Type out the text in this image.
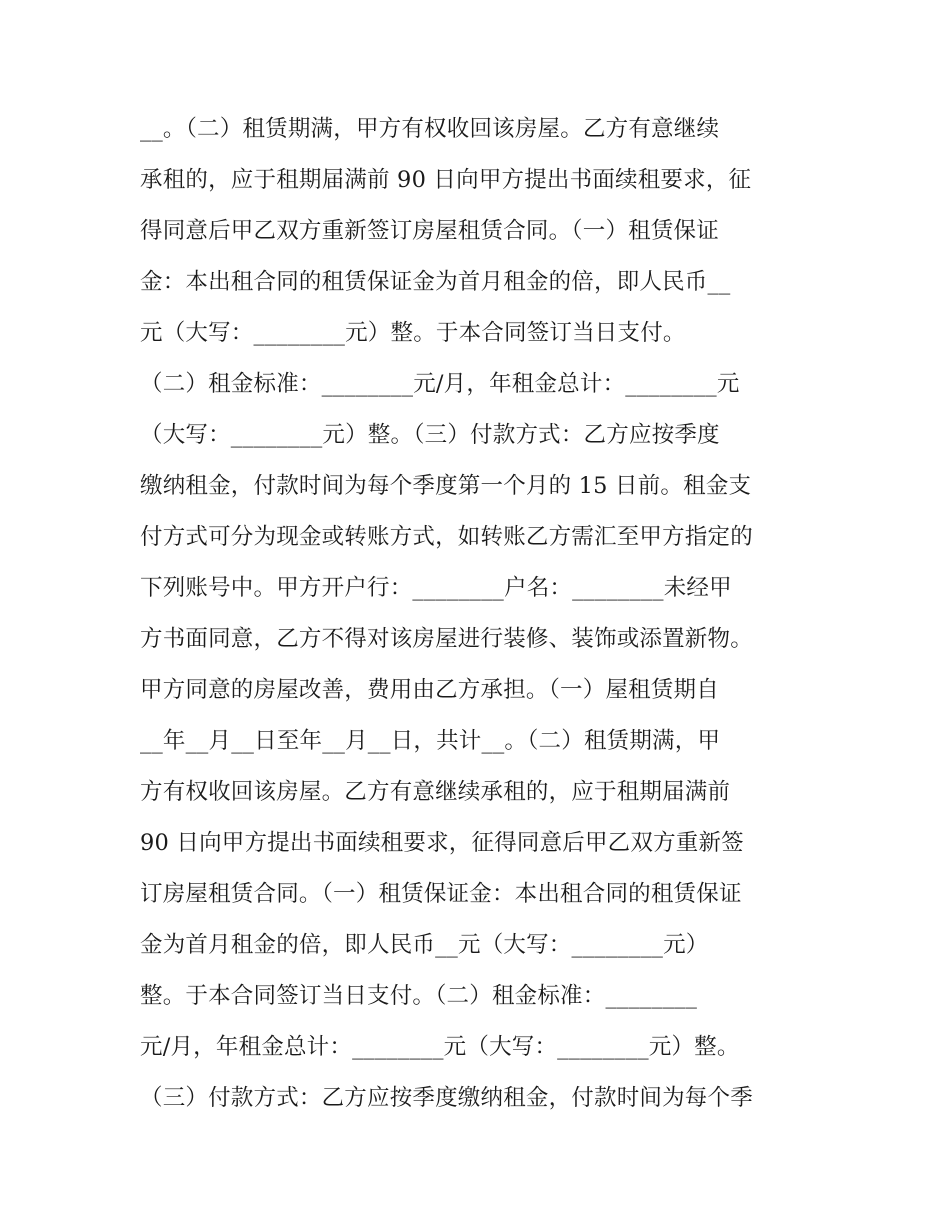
__。（二）租赁期满，甲方有权收回该房屋。乙方有意继续
承租的，应于租期届满前 90 日向甲方提出书面续租要求，征
得同意后甲乙双方重新签订房屋租赁合同。（一）租赁保证
金：本出租合同的租赁保证金为首月租金的倍，即人民币__
元（大写：________元）整。于本合同签订当日支付。
（二）租金标准：________元/月，年租金总计：________元
（大写：________元）整。（三）付款方式：乙方应按季度
缴纳租金，付款时间为每个季度第一个月的 15 日前。租金支
付方式可分为现金或转账方式，如转账乙方需汇至甲方指定的
下列账号中。甲方开户行：________户名：________未经甲
方书面同意，乙方不得对该房屋进行装修、装饰或添置新物。
甲方同意的房屋改善，费用由乙方承担。（一）屋租赁期自
__年__月__日至年__月__日，共计__。（二）租赁期满，甲
方有权收回该房屋。乙方有意继续承租的，应于租期届满前
90 日向甲方提出书面续租要求，征得同意后甲乙双方重新签
订房屋租赁合同。（一）租赁保证金：本出租合同的租赁保证
金为首月租金的倍，即人民币__元（大写：________元）
整。于本合同签订当日支付。（二）租金标准：________
元/月，年租金总计：________元（大写：________元）整。
（三）付款方式：乙方应按季度缴纳租金，付款时间为每个季
